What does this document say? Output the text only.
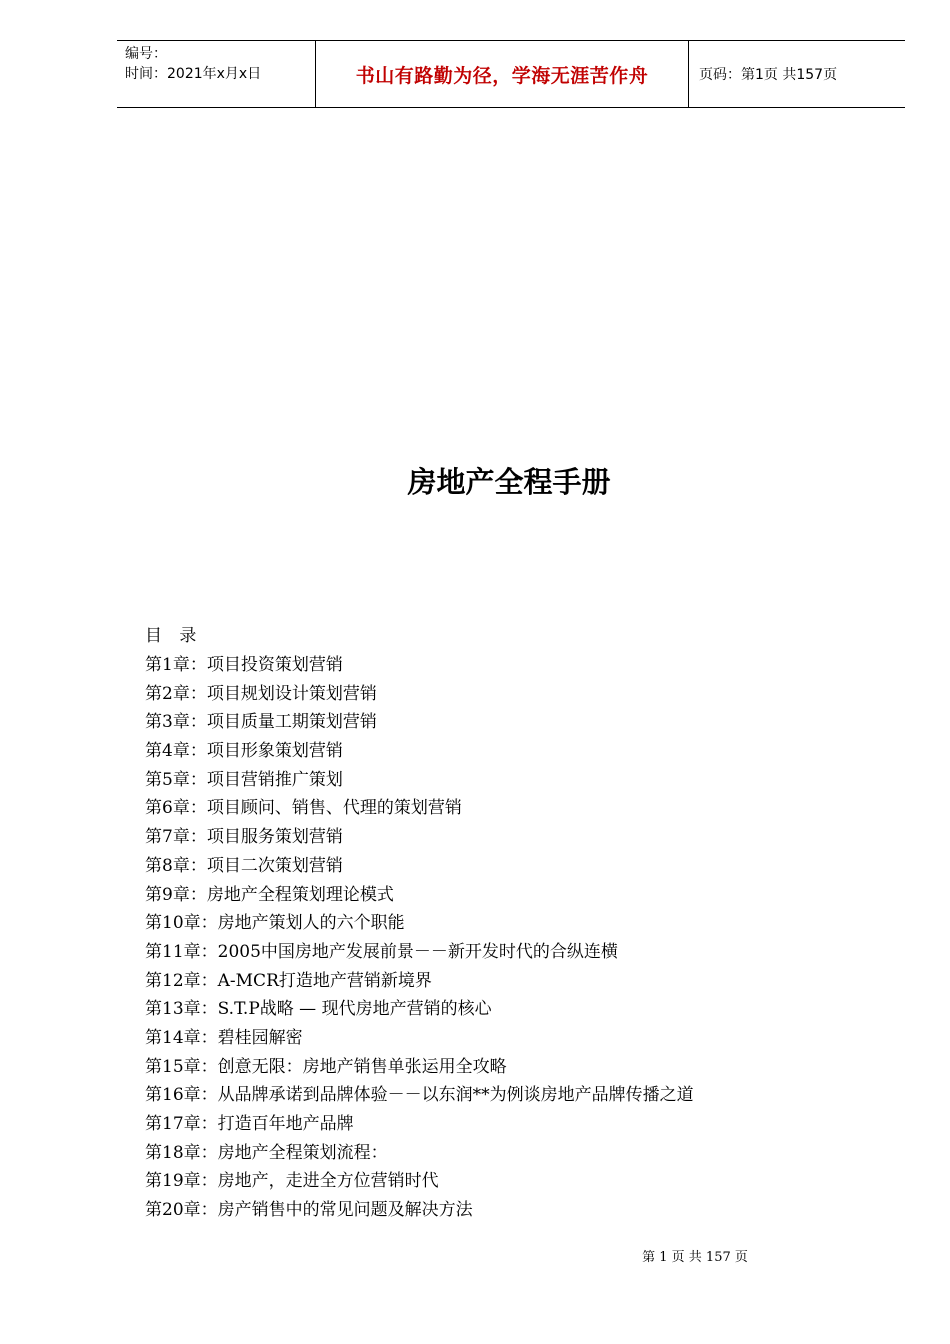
编号：
时间：2021年x月x日	书山有路勤为径，学海无涯苦作舟	页码：第1页 共157页
房地产全程手册
目 录
第1章：项目投资策划营销
第2章：项目规划设计策划营销
第3章：项目质量工期策划营销
第4章：项目形象策划营销
第5章：项目营销推广策划
第6章：项目顾问、销售、代理的策划营销
第7章：项目服务策划营销
第8章：项目二次策划营销
第9章：房地产全程策划理论模式
第10章：房地产策划人的六个职能
第11章：2005中国房地产发展前景－－新开发时代的合纵连横
第12章：A-MCR打造地产营销新境界
第13章：S.T.P战略 — 现代房地产营销的核心
第14章：碧桂园解密
第15章：创意无限：房地产销售单张运用全攻略
第16章：从品牌承诺到品牌体验－－以东润**为例谈房地产品牌传播之道
第17章：打造百年地产品牌
第18章：房地产全程策划流程：
第19章：房地产，走进全方位营销时代
第20章：房产销售中的常见问题及解决方法
第 1 页 共 157 页
